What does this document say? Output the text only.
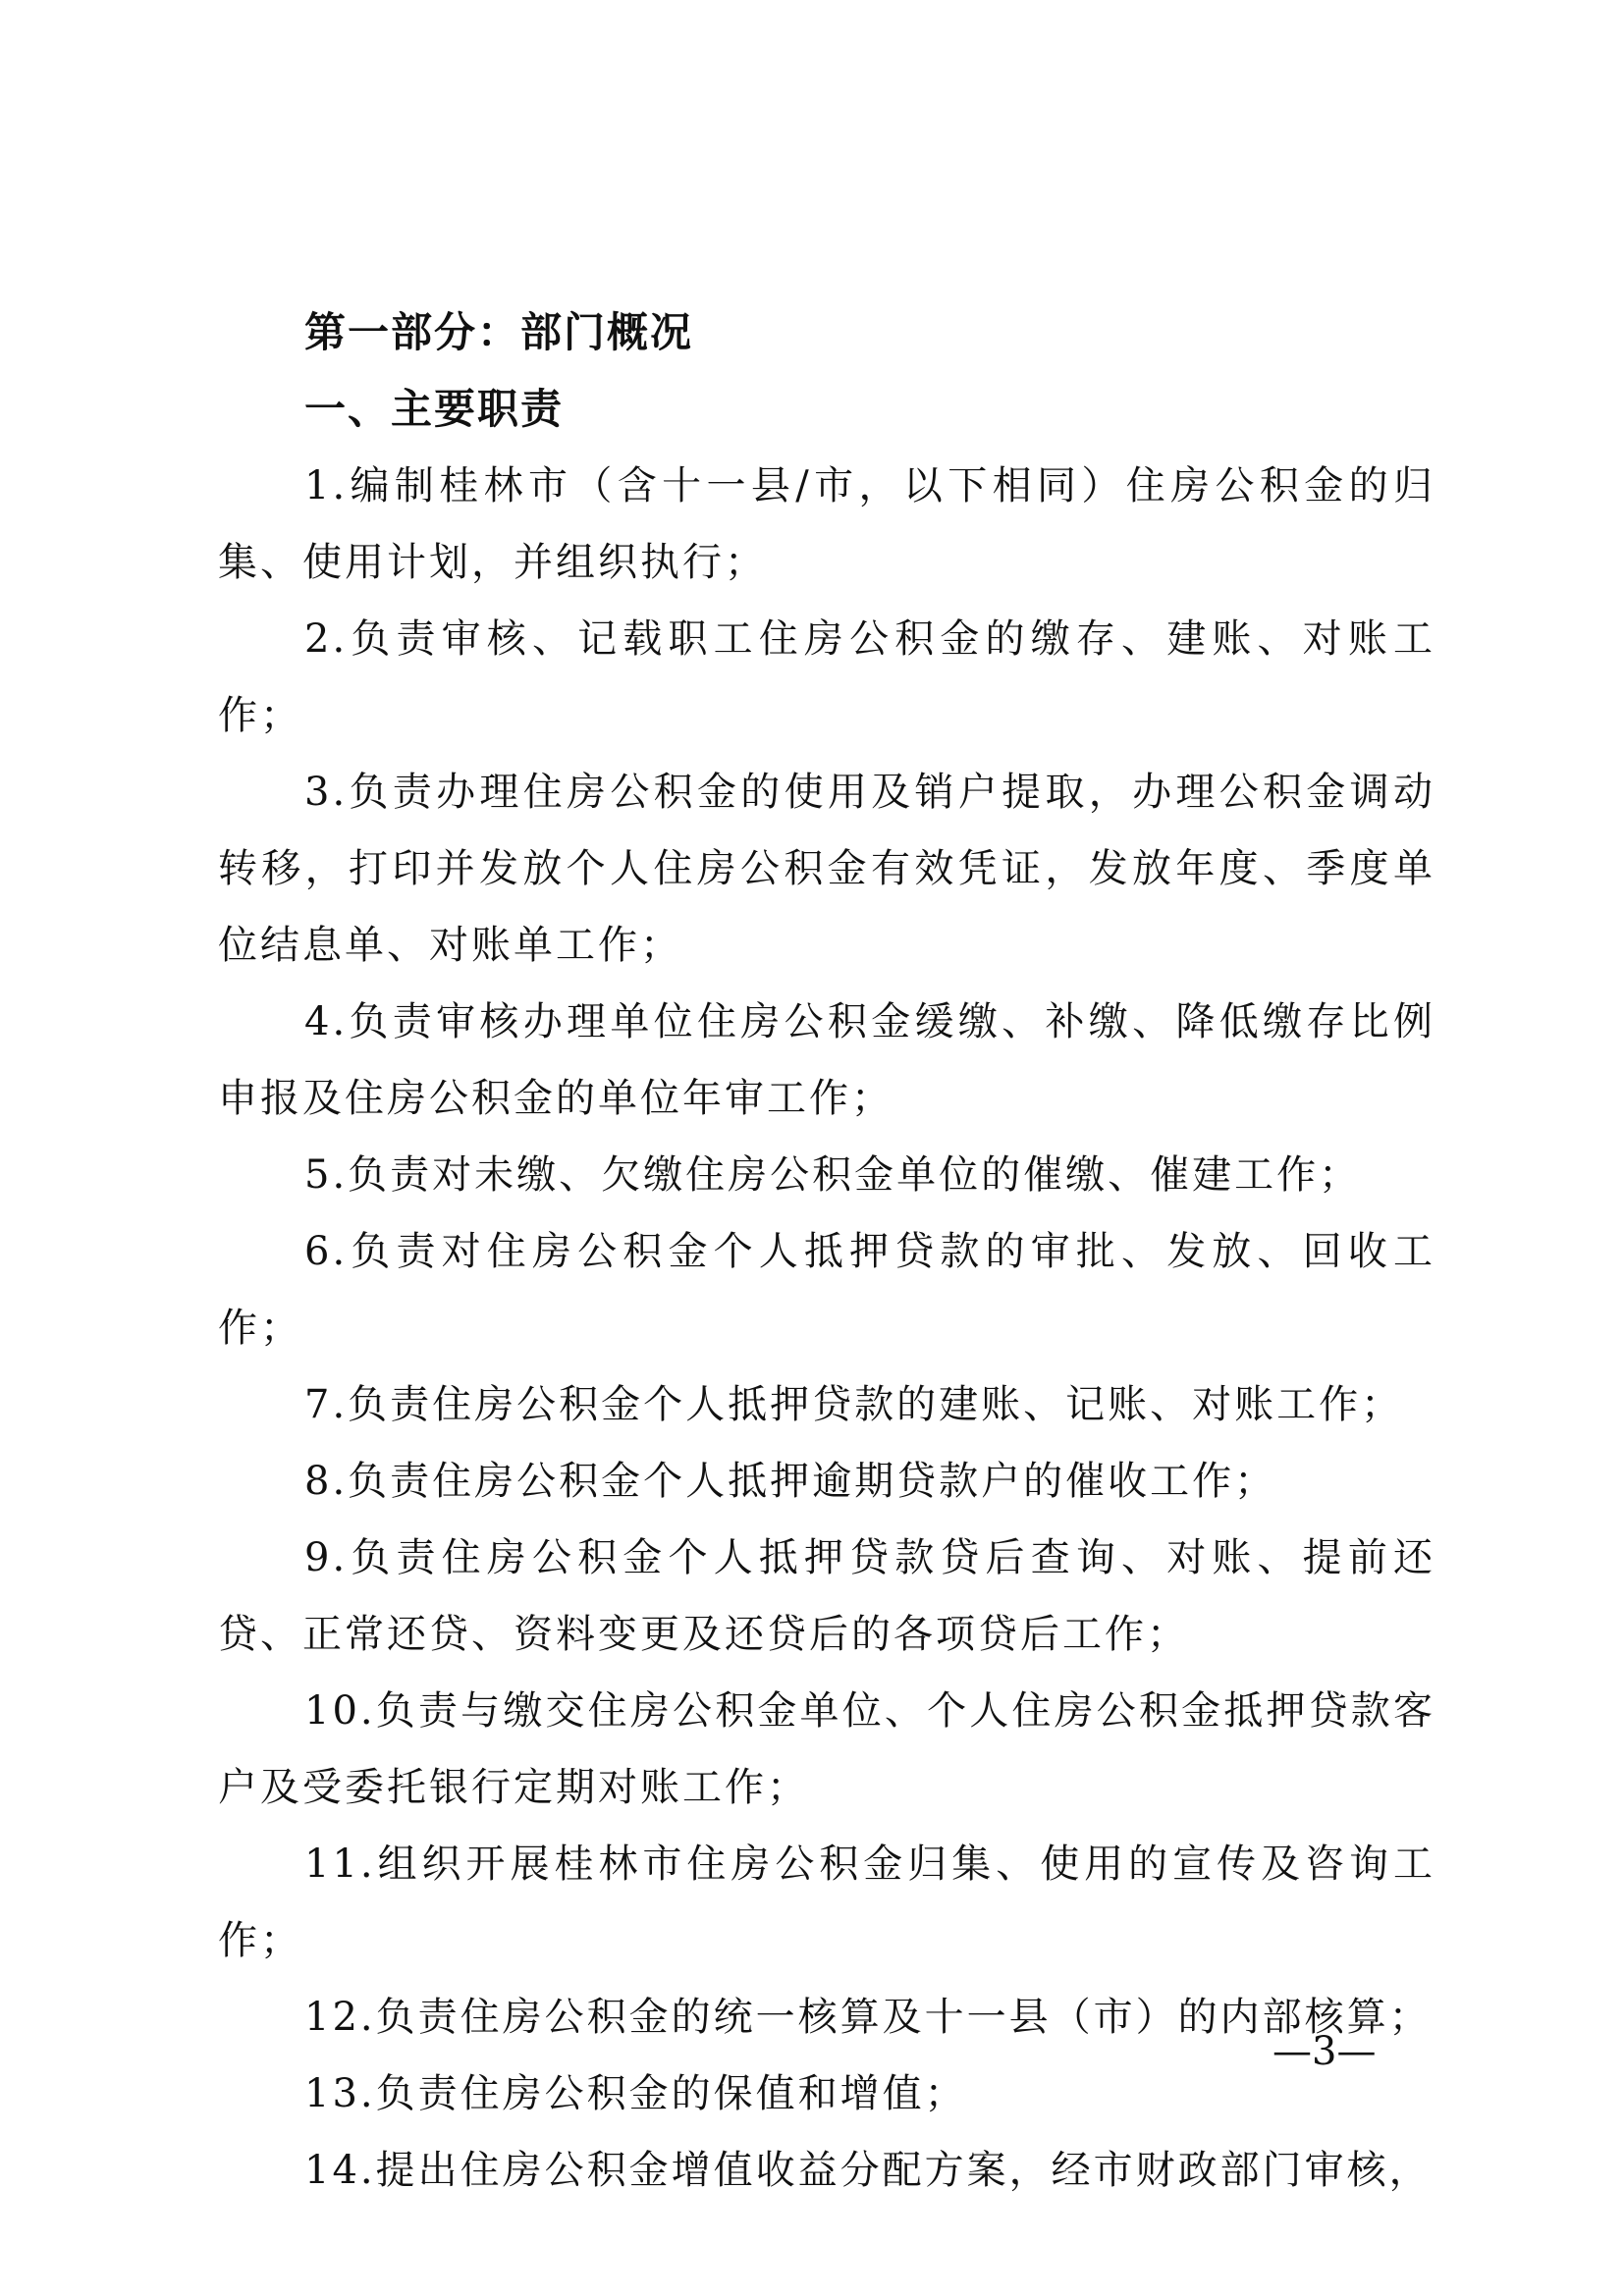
第一部分：部门概况
一、主要职责

1.编制桂林市（含十一县/市，以下相同）住房公积金的归集、使用计划，并组织执行；

2.负责审核、记载职工住房公积金的缴存、建账、对账工作；

3.负责办理住房公积金的使用及销户提取，办理公积金调动转移，打印并发放个人住房公积金有效凭证，发放年度、季度单位结息单、对账单工作；

4.负责审核办理单位住房公积金缓缴、补缴、降低缴存比例申报及住房公积金的单位年审工作；

5.负责对未缴、欠缴住房公积金单位的催缴、催建工作；

6.负责对住房公积金个人抵押贷款的审批、发放、回收工作；

7.负责住房公积金个人抵押贷款的建账、记账、对账工作；

8.负责住房公积金个人抵押逾期贷款户的催收工作；

9.负责住房公积金个人抵押贷款贷后查询、对账、提前还贷、正常还贷、资料变更及还贷后的各项贷后工作；

10.负责与缴交住房公积金单位、个人住房公积金抵押贷款客户及受委托银行定期对账工作；

11.组织开展桂林市住房公积金归集、使用的宣传及咨询工作；

12.负责住房公积金的统一核算及十一县（市）的内部核算；

13.负责住房公积金的保值和增值；

14.提出住房公积金增值收益分配方案，经市财政部门审核，

—3—
